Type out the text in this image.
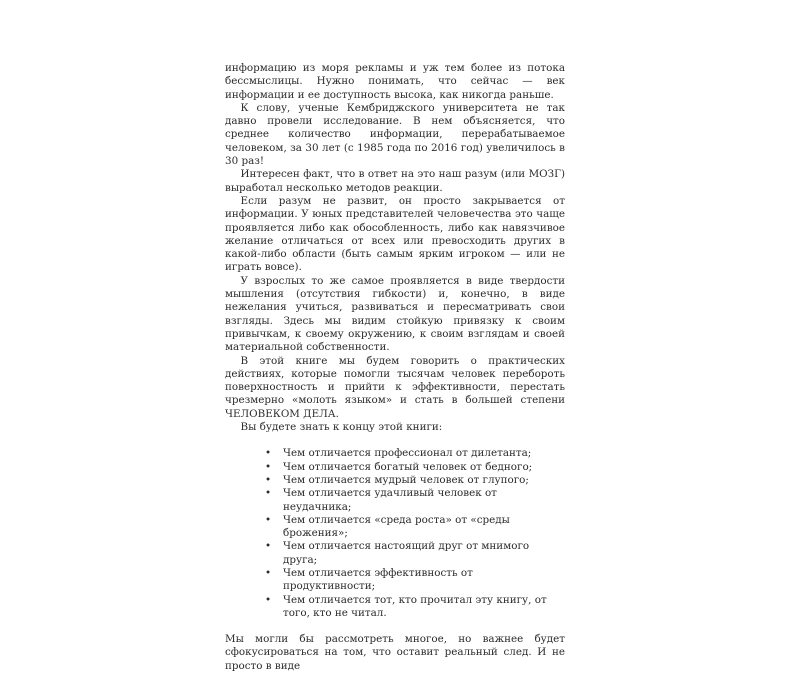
информацию из моря рекламы и уж тем более из потока бессмыслицы. Нужно понимать, что сейчас — век информации и ее доступность высока, как никогда раньше.

К слову, ученые Кембриджского университета не так давно провели исследование. В нем объясняется, что среднее количество информации, перерабатываемое человеком, за 30 лет (с 1985 года по 2016 год) увеличилось в 30 раз!

Интересен факт, что в ответ на это наш разум (или МОЗГ) выработал несколько методов реакции.

Если разум не развит, он просто закрывается от информации. У юных представителей человечества это чаще проявляется либо как обособленность, либо как навязчивое желание отличаться от всех или превосходить других в какой-либо области (быть самым ярким игроком — или не играть вовсе).

У взрослых то же самое проявляется в виде твердости мышления (отсутствия гибкости) и, конечно, в виде нежелания учиться, развиваться и пересматривать свои взгляды. Здесь мы видим стойкую привязку к своим привычкам, к своему окружению, к своим взглядам и своей материальной собственности.

В этой книге мы будем говорить о практических действиях, которые помогли тысячам человек перебороть поверхностность и прийти к эффективности, перестать чрезмерно «молоть языком» и стать в большей степени ЧЕЛОВЕКОМ ДЕЛА.

Вы будете знать к концу этой книги:

• Чем отличается профессионал от дилетанта;
• Чем отличается богатый человек от бедного;
• Чем отличается мудрый человек от глупого;
• Чем отличается удачливый человек от неудачника;
• Чем отличается «среда роста» от «среды брожения»;
• Чем отличается настоящий друг от мнимого друга;
• Чем отличается эффективность от продуктивности;
• Чем отличается тот, кто прочитал эту книгу, от того, кто не читал.

Мы могли бы рассмотреть многое, но важнее будет сфокусироваться на том, что оставит реальный след. И не просто в виде
